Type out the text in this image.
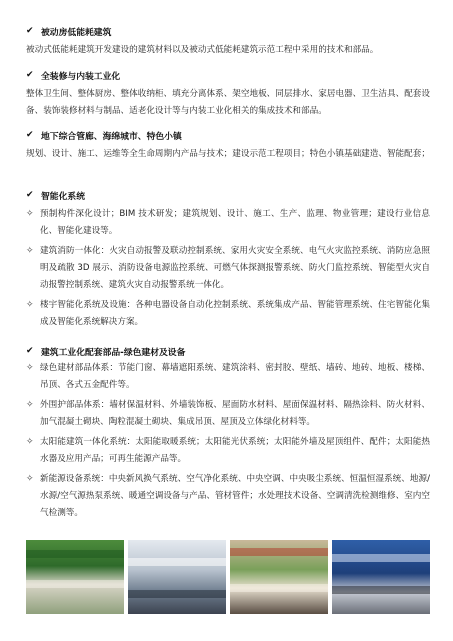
✔ 被动房低能耗建筑
被动式低能耗建筑开发建设的建筑材料以及被动式低能耗建筑示范工程中采用的技术和部品。
✔ 全装修与内装工业化
整体卫生间、整体厨房、整体收纳柜、填充分离体系、架空地板、同层排水、家居电器、卫生洁具、配套设备、装饰装修材料与制品、适老化设计等与内装工业化相关的集成技术和部品。
✔ 地下综合管廊、海绵城市、特色小镇
规划、设计、施工、运维等全生命周期内产品与技术；建设示范工程项目；特色小镇基础建造、智能配套；
✔ 智能化系统
✧ 预制构件深化设计；BIM 技术研发；建筑规划、设计、施工、生产、监理、物业管理；建设行业信息化、智能化建设等。
✧ 建筑消防一体化：火灾自动报警及联动控制系统、家用火灾安全系统、电气火灾监控系统、消防应急照明及疏散 3D 展示、消防设备电源监控系统、可燃气体探测报警系统、防火门监控系统、智能型火灾自动报警控制系统、建筑火灾自动报警系统一体化。
✧ 楼宇智能化系统及设施：各种电器设备自动化控制系统、系统集成产品、智能管理系统、住宅智能化集成及智能化系统解决方案。
✔ 建筑工业化配套部品-绿色建材及设备
✧ 绿色建材部品体系：节能门窗、幕墙遮阳系统、建筑涂料、密封胶、壁纸、墙砖、地砖、地板、楼梯、吊顶、各式五金配件等。
✧ 外围护部品体系：墙材保温材料、外墙装饰板、屋面防水材料、屋面保温材料、隔热涂料、防火材料、加气混凝土砌块、陶粒混凝土砌块、集成吊顶、屋顶及立体绿化材料等。
✧ 太阳能建筑一体化系统：太阳能取暖系统；太阳能光伏系统；太阳能外墙及屋顶组件、配件；太阳能热水器及应用产品；可再生能源产品等。
✧ 新能源设备系统：中央新风换气系统、空气净化系统、中央空调、中央吸尘系统、恒温恒湿系统、地源/水源/空气源热泵系统、暖通空调设备与产品、管材管件；水处理技术设备、空调清洗检测维修、室内空气检测等。
